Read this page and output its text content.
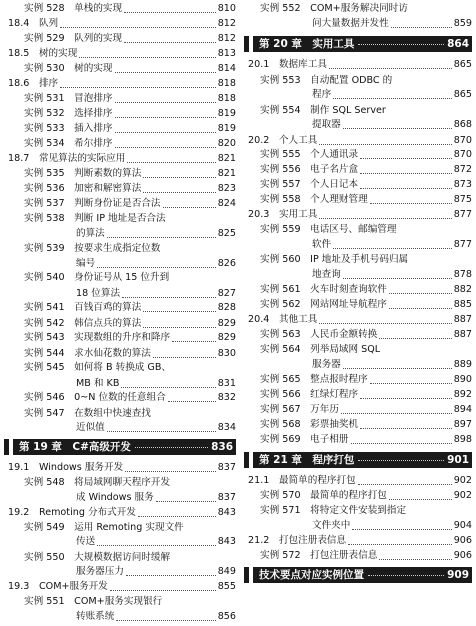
实例 528　单栈的实现	810
18.4　队列	812
实例 529　队列的实现	812
18.5　树的实现	813
实例 530　树的实现	814
18.6　排序	818
实例 531　冒泡排序	818
实例 532　选择排序	819
实例 533　插入排序	819
实例 534　希尔排序	820
18.7　常见算法的实际应用	821
实例 535　判断素数的算法	821
实例 536　加密和解密算法	823
实例 537　判断身份证是否合法	824
实例 538　判断 IP 地址是否合法
的算法	825
实例 539　按要求生成指定位数
编号	826
实例 540　身份证号从 15 位升到
18 位算法	827
实例 541　百钱百鸡的算法	828
实例 542　韩信点兵的算法	829
实例 543　实现数组的升序和降序	829
实例 544　求水仙花数的算法	830
实例 545　如何将 B 转换成 GB、
MB 和 KB	831
实例 546　0~N 位数的任意组合	832
实例 547　在数组中快速查找
近似值	834
第 19 章　C#高级开发	836
19.1　Windows 服务开发	837
实例 548　将局域网聊天程序开发
成 Windows 服务	837
19.2　Remoting 分布式开发	843
实例 549　运用 Remoting 实现文件
传送	843
实例 550　大规模数据访问时缓解
服务器压力	849
19.3　COM+服务开发	855
实例 551　COM+服务实现银行
转账系统	856
实例 552　COM+服务解决同时访
问大量数据并发性	859
第 20 章　实用工具	864
20.1　数据库工具	865
实例 553　自动配置 ODBC 的
程序	865
实例 554　制作 SQL Server
提取器	868
20.2　个人工具	870
实例 555　个人通讯录	870
实例 556　电子名片盒	872
实例 557　个人日记本	873
实例 558　个人理财管理	875
20.3　实用工具	877
实例 559　电话区号、邮编管理
软件	877
实例 560　IP 地址及手机号码归属
地查询	878
实例 561　火车时刻查询软件	882
实例 562　网站网址导航程序	885
20.4　其他工具	887
实例 563　人民币金额转换	887
实例 564　列举局域网 SQL
服务器	889
实例 565　整点报时程序	890
实例 566　红绿灯程序	892
实例 567　万年历	894
实例 568　彩票抽奖机	897
实例 569　电子相册	898
第 21 章　程序打包	901
21.1　最简单的程序打包	902
实例 570　最简单的程序打包	902
实例 571　将特定文件安装到指定
文件夹中	904
21.2　打包注册表信息	906
实例 572　打包注册表信息	906
技术要点对应实例位置	909
